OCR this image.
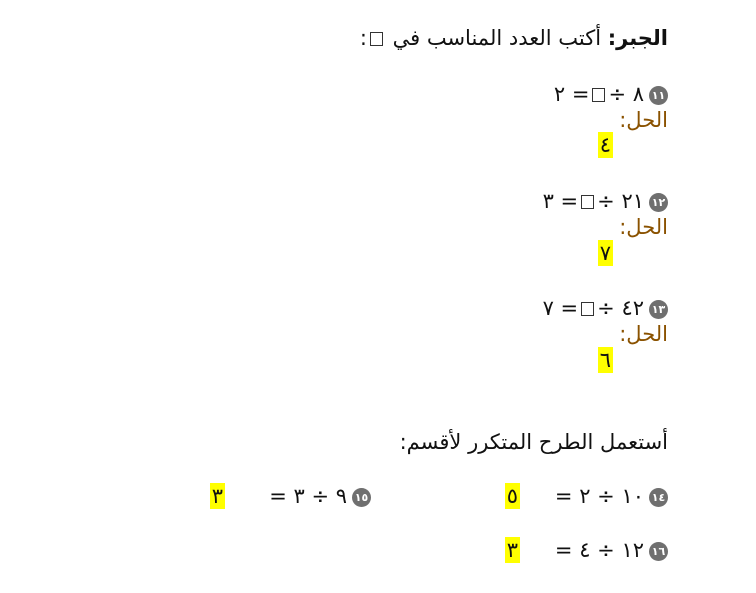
الجبر: أكتب العدد المناسب في :
١١٨ ÷= ٢
الحل:
٤
١٢٢١ ÷= ٣
الحل:
٧
١٣٤٢ ÷= ٧
الحل:
٦
أستعمل الطرح المتكرر لأقسم:
١٤١٠ ÷ ٢ =
٥
١٥٩ ÷ ٣ =
٣
١٦١٢ ÷ ٤ =
٣
